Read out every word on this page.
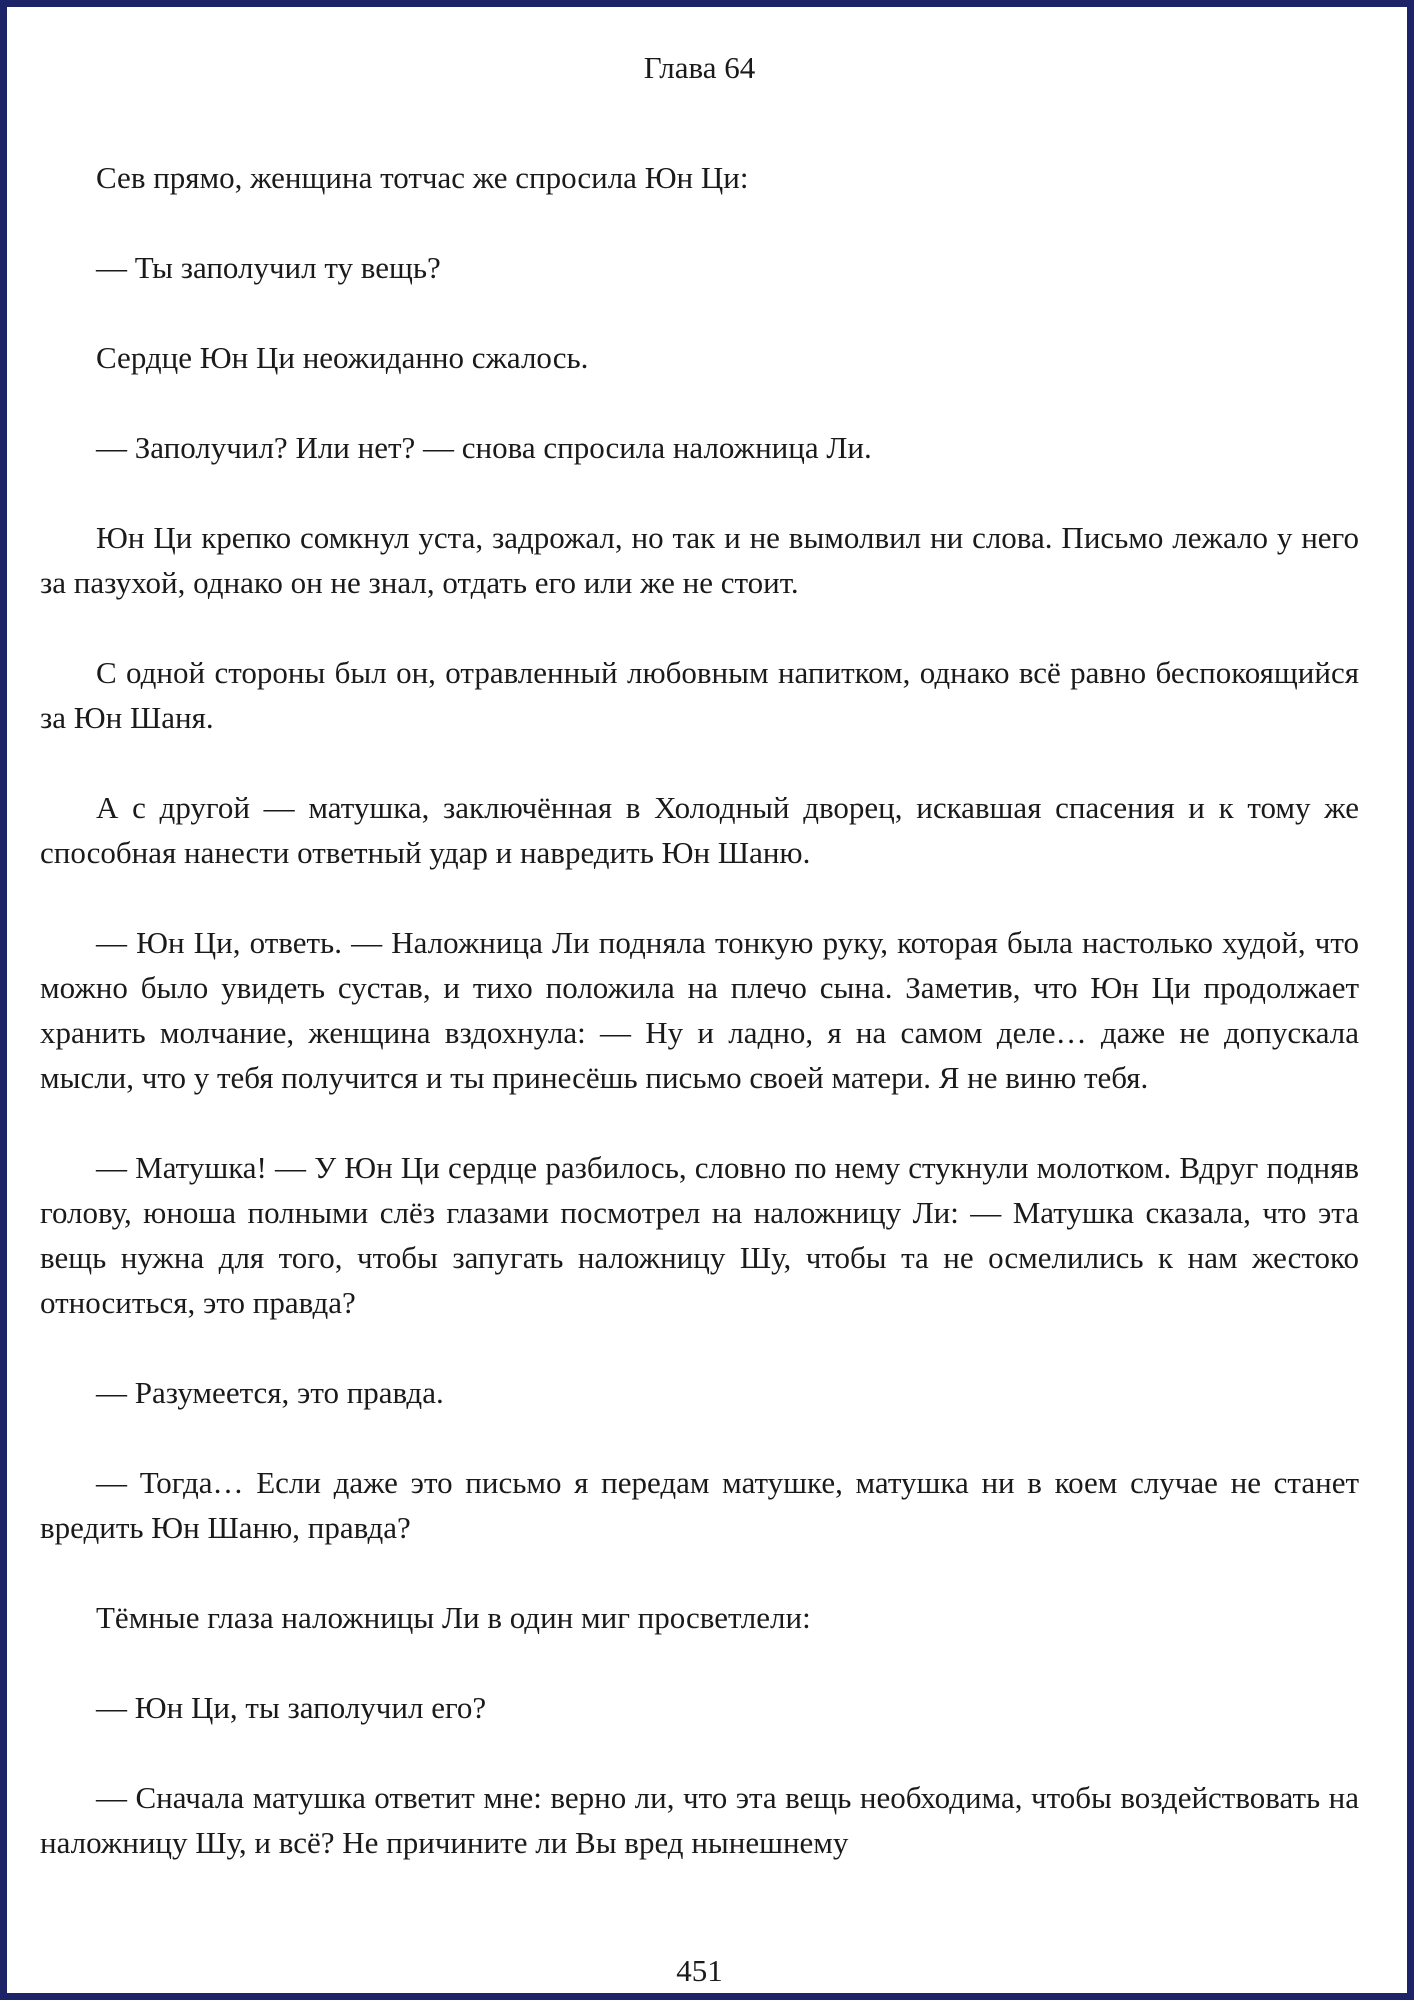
Глава 64

Сев прямо, женщина тотчас же спросила Юн Ци:

— Ты заполучил ту вещь?

Сердце Юн Ци неожиданно сжалось.

— Заполучил? Или нет? — снова спросила наложница Ли.

Юн Ци крепко сомкнул уста, задрожал, но так и не вымолвил ни слова. Письмо лежало у него за пазухой, однако он не знал, отдать его или же не стоит.

С одной стороны был он, отравленный любовным напитком, однако всё равно беспокоящийся за Юн Шаня.

А с другой — матушка, заключённая в Холодный дворец, искавшая спасения и к тому же способная нанести ответный удар и навредить Юн Шаню.

— Юн Ци, ответь. — Наложница Ли подняла тонкую руку, которая была настолько худой, что можно было увидеть сустав, и тихо положила на плечо сына. Заметив, что Юн Ци продолжает хранить молчание, женщина вздохнула: — Ну и ладно, я на самом деле… даже не допускала мысли, что у тебя получится и ты принесёшь письмо своей матери. Я не виню тебя.

— Матушка! — У Юн Ци сердце разбилось, словно по нему стукнули молотком. Вдруг подняв голову, юноша полными слёз глазами посмотрел на наложницу Ли: — Матушка сказала, что эта вещь нужна для того, чтобы запугать наложницу Шу, чтобы та не осмелились к нам жестоко относиться, это правда?

— Разумеется, это правда.

— Тогда… Если даже это письмо я передам матушке, матушка ни в коем случае не станет вредить Юн Шаню, правда?

Тёмные глаза наложницы Ли в один миг просветлели:

— Юн Ци, ты заполучил его?

— Сначала матушка ответит мне: верно ли, что эта вещь необходима, чтобы воздействовать на наложницу Шу, и всё? Не причините ли Вы вред нынешнему

451
